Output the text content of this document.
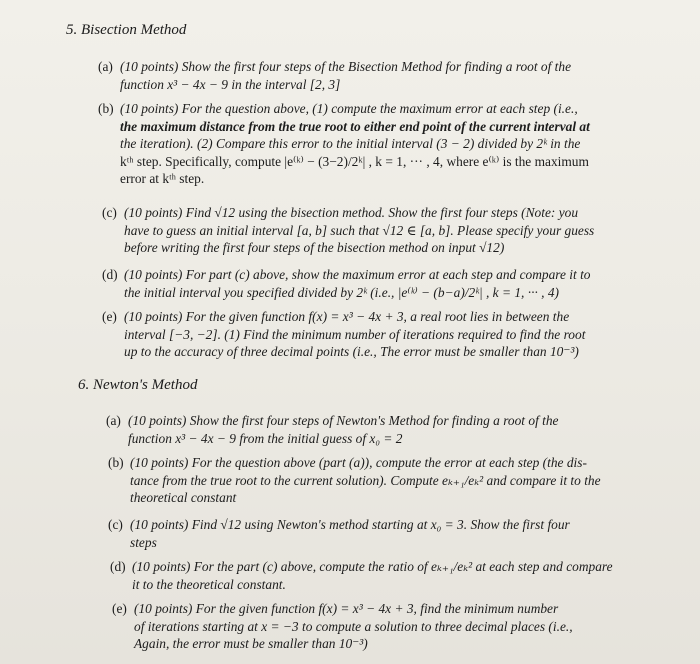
5. Bisection Method
(a) (10 points) Show the first four steps of the Bisection Method for finding a root of the
function x³ − 4x − 9 in the interval [2, 3]
(b) (10 points) For the question above, (1) compute the maximum error at each step (i.e.,
the maximum distance from the true root to either end point of the current interval at
the iteration). (2) Compare this error to the initial interval (3 − 2) divided by 2ᵏ in the
kᵗʰ step. Specifically, compute |e⁽ᵏ⁾ − (3−2)/2ᵏ| , k = 1, ··· , 4, where e⁽ᵏ⁾ is the maximum
error at kᵗʰ step.
(c) (10 points) Find √12 using the bisection method. Show the first four steps (Note: you
have to guess an initial interval [a, b] such that √12 ∈ [a, b]. Please specify your guess
before writing the first four steps of the bisection method on input √12)
(d) (10 points) For part (c) above, show the maximum error at each step and compare it to
the initial interval you specified divided by 2ᵏ (i.e., |e⁽ᵏ⁾ − (b−a)/2ᵏ| , k = 1, ··· , 4)
(e) (10 points) For the given function f(x) = x³ − 4x + 3, a real root lies in between the
interval [−3, −2]. (1) Find the minimum number of iterations required to find the root
up to the accuracy of three decimal points (i.e., The error must be smaller than 10⁻³)
6. Newton's Method
(a) (10 points) Show the first four steps of Newton's Method for finding a root of the
function x³ − 4x − 9 from the initial guess of x₀ = 2
(b) (10 points) For the question above (part (a)), compute the error at each step (the dis-
tance from the true root to the current solution). Compute eₖ₊₁/eₖ² and compare it to the
theoretical constant
(c) (10 points) Find √12 using Newton's method starting at x₀ = 3. Show the first four
steps
(d) (10 points) For the part (c) above, compute the ratio of eₖ₊₁/eₖ² at each step and compare
it to the theoretical constant.
(e) (10 points) For the given function f(x) = x³ − 4x + 3, find the minimum number
of iterations starting at x = −3 to compute a solution to three decimal places (i.e.,
Again, the error must be smaller than 10⁻³)
